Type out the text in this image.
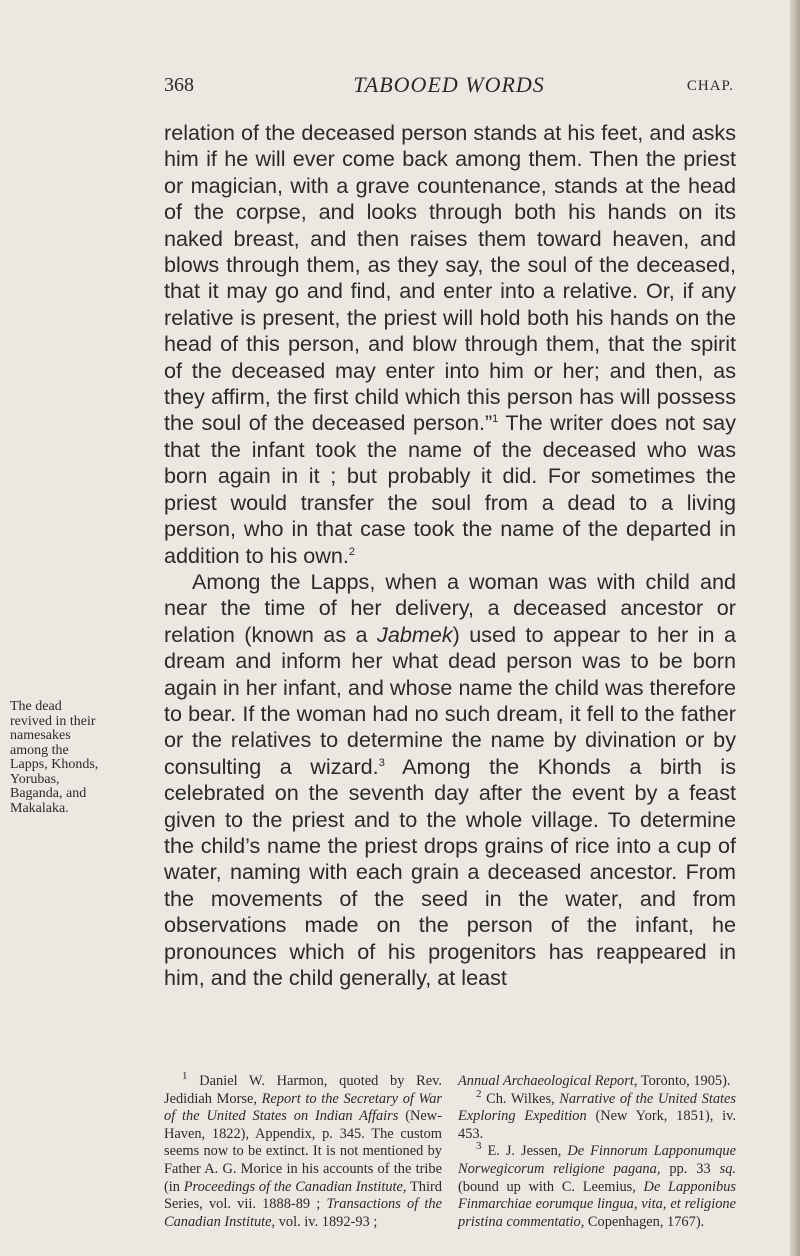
368	TABOOED WORDS	CHAP.
The dead revived in their namesakes among the Lapps, Khonds, Yorubas, Baganda, and Makalaka.

relation of the deceased person stands at his feet, and asks him if he will ever come back among them. Then the priest or magician, with a grave countenance, stands at the head of the corpse, and looks through both his hands on its naked breast, and then raises them toward heaven, and blows through them, as they say, the soul of the deceased, that it may go and find, and enter into a relative. Or, if any relative is present, the priest will hold both his hands on the head of this person, and blow through them, that the spirit of the deceased may enter into him or her; and then, as they affirm, the first child which this person has will possess the soul of the deceased person.”$^1$ The writer does not say that the infant took the name of the deceased who was born again in it ; but probably it did. For sometimes the priest would transfer the soul from a dead to a living person, who in that case took the name of the departed in addition to his own.$^2$

Among the Lapps, when a woman was with child and near the time of her delivery, a deceased ancestor or relation (known as a Jabmek) used to appear to her in a dream and inform her what dead person was to be born again in her infant, and whose name the child was therefore to bear. If the woman had no such dream, it fell to the father or the relatives to determine the name by divination or by consulting a wizard.$^3$ Among the Khonds a birth is celebrated on the seventh day after the event by a feast given to the priest and to the whole village. To determine the child’s name the priest drops grains of rice into a cup of water, naming with each grain a deceased ancestor. From the movements of the seed in the water, and from observations made on the person of the infant, he pronounces which of his progenitors has reappeared in him, and the child generally, at least

$^1$ Daniel W. Harmon, quoted by Rev. Jedidiah Morse, Report to the Secretary of War of the United States on Indian Affairs (New-Haven, 1822), Appendix, p. 345. The custom seems now to be extinct. It is not mentioned by Father A. G. Morice in his accounts of the tribe (in Proceedings of the Canadian Institute, Third Series, vol. vii. 1888-89 ; Transactions of the Canadian Institute, vol. iv. 1892-93 ;

Annual Archaeological Report, Toronto, 1905).

$^2$ Ch. Wilkes, Narrative of the United States Exploring Expedition (New York, 1851), iv. 453.

$^3$ E. J. Jessen, De Finnorum Lapponumque Norwegicorum religione pagana, pp. 33 sq. (bound up with C. Leemius, De Lapponibus Finmarchiae eorumque lingua, vita, et religione pristina commentatio, Copenhagen, 1767).
